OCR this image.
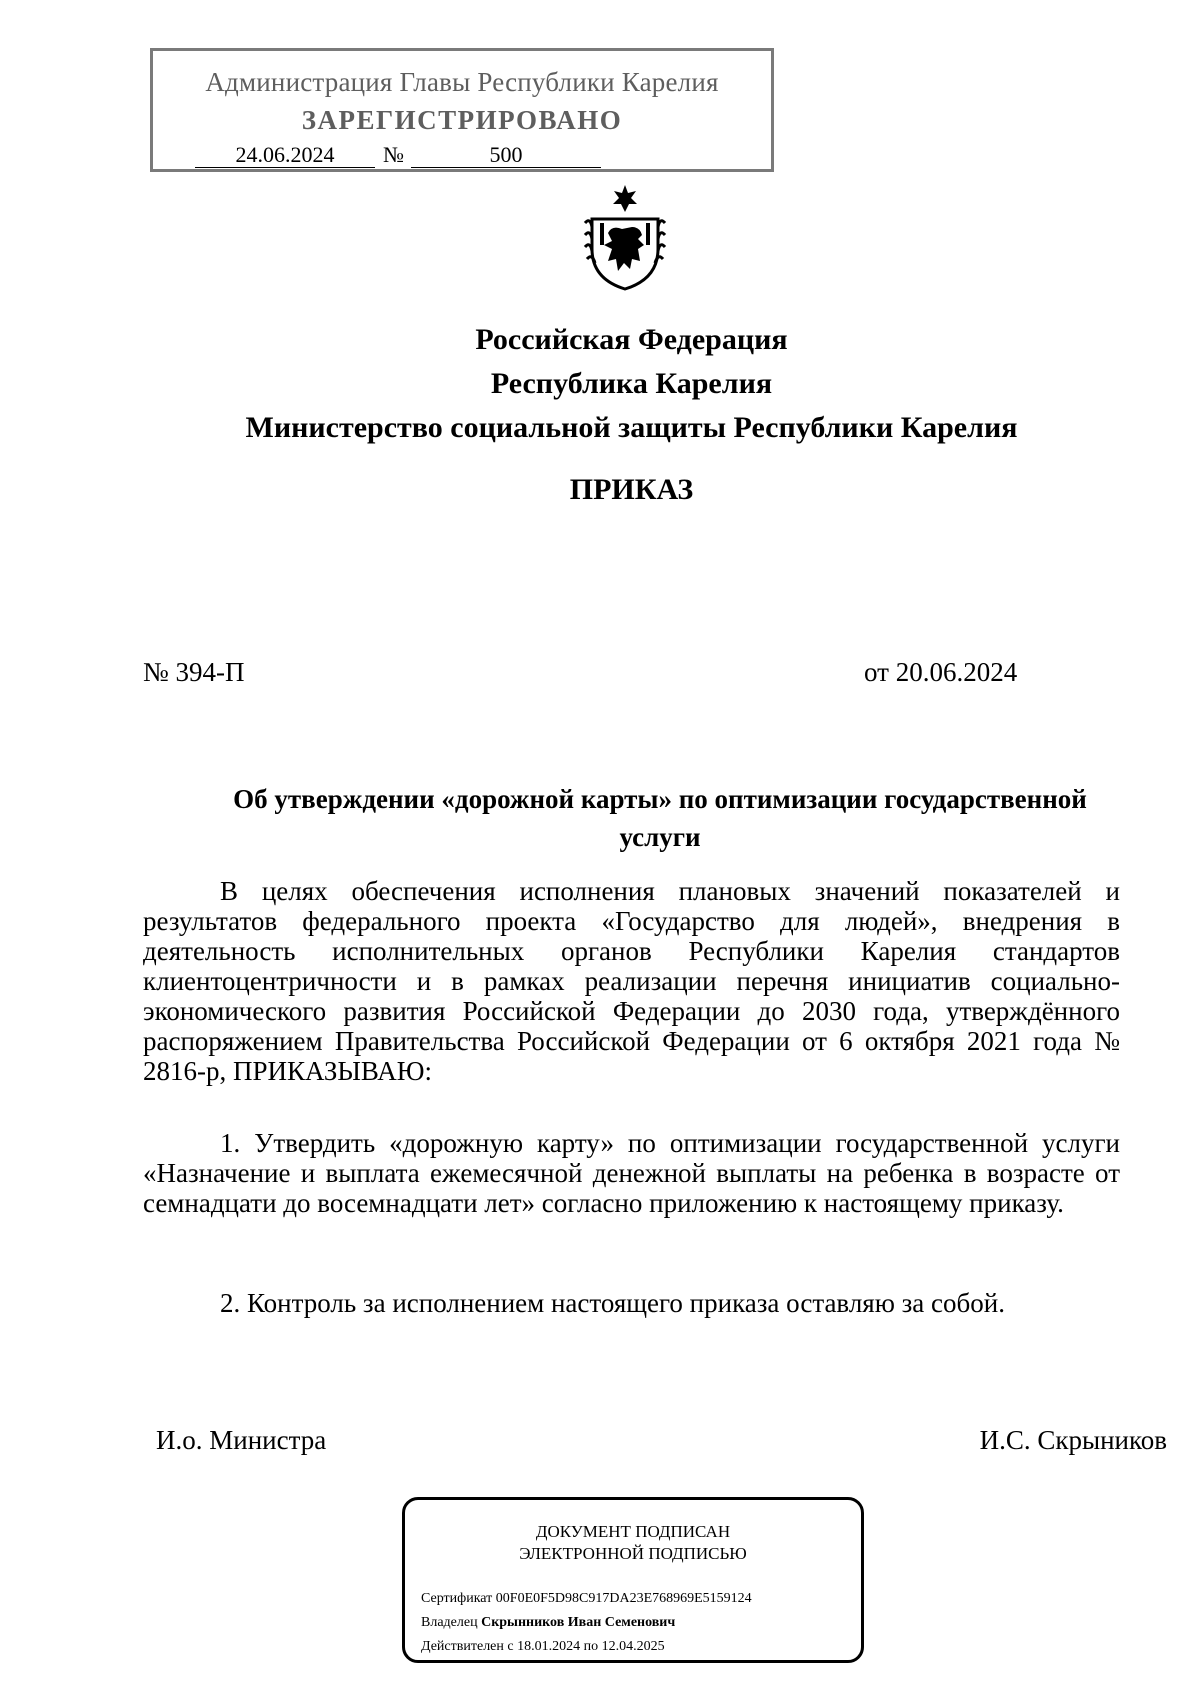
Администрация Главы Республики Карелия
ЗАРЕГИСТРИРОВАНО
24.06.2024	№	500
Российская Федерация
Республика Карелия
Министерство социальной защиты Республики Карелия
ПРИКАЗ
№ 394-П	от 20.06.2024
Об утверждении «дорожной карты» по оптимизации государственной услуги
В целях обеспечения исполнения плановых значений показателей и результатов федерального проекта «Государство для людей», внедрения в деятельность исполнительных органов Республики Карелия стандартов клиентоцентричности и в рамках реализации перечня инициатив социально-экономического развития Российской Федерации до 2030 года, утверждённого распоряжением Правительства Российской Федерации от 6 октября 2021 года № 2816-р, ПРИКАЗЫВАЮ:
1. Утвердить «дорожную карту» по оптимизации государственной услуги «Назначение и выплата ежемесячной денежной выплаты на ребенка в возрасте от семнадцати до восемнадцати лет» согласно приложению к настоящему приказу.
2. Контроль за исполнением настоящего приказа оставляю за собой.
И.о. Министра	И.С. Скрыников
ДОКУМЕНТ ПОДПИСАН
ЭЛЕКТРОННОЙ ПОДПИСЬЮ
Сертификат 00F0E0F5D98C917DA23E768969E5159124
Владелец Скрынников Иван Семенович
Действителен с 18.01.2024 по 12.04.2025
